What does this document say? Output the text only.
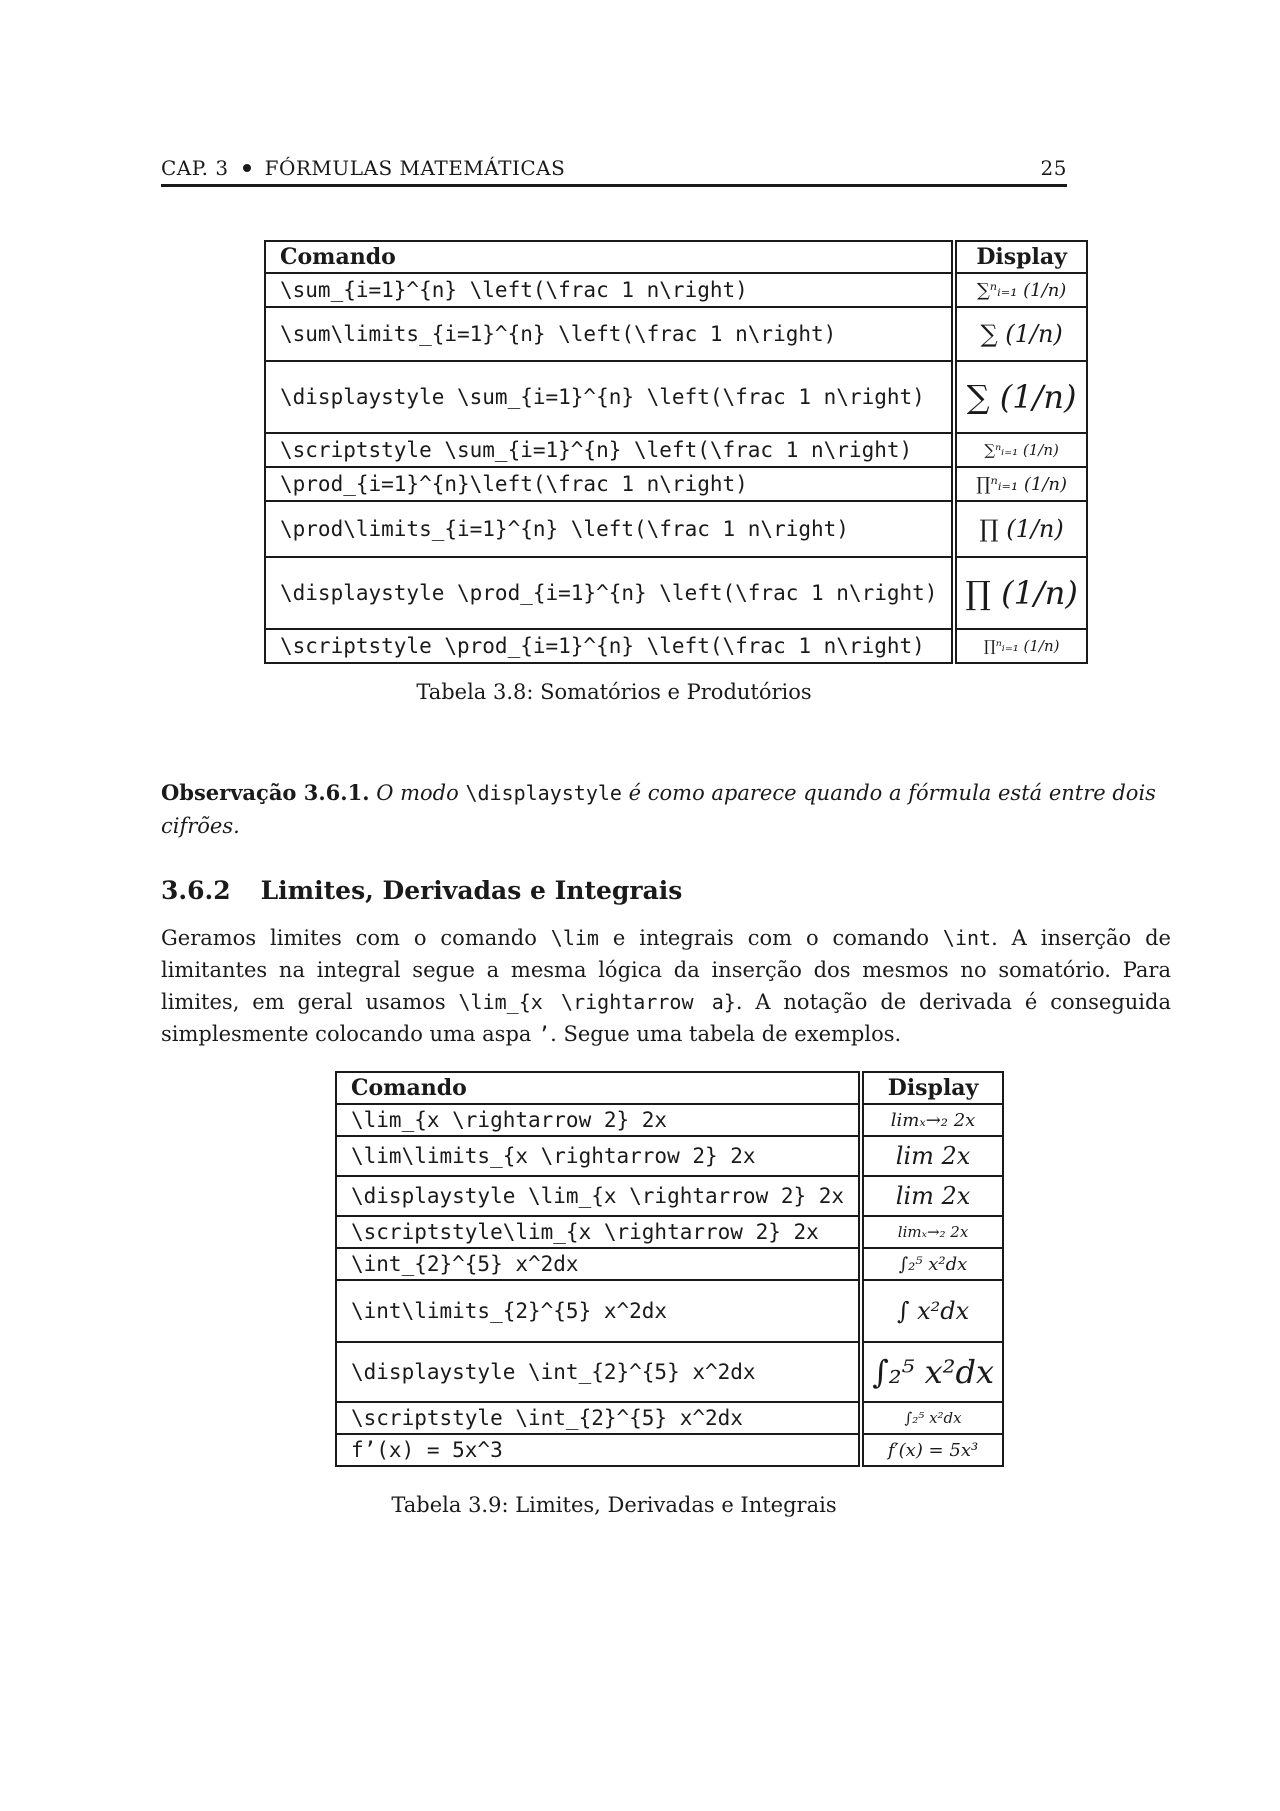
CAP. 3 FÓRMULAS MATEMÁTICAS	25
Comando	Display
\sum_{i=1}^{n} \left(\frac 1 n\right)	∑ⁿᵢ₌₁ (1/n)
\sum\limits_{i=1}^{n} \left(\frac 1 n\right)	∑ (1/n)
\displaystyle \sum_{i=1}^{n} \left(\frac 1 n\right)	∑ (1/n)
\scriptstyle \sum_{i=1}^{n} \left(\frac 1 n\right)	∑ⁿᵢ₌₁ (1/n)
\prod_{i=1}^{n}\left(\frac 1 n\right)	∏ⁿᵢ₌₁ (1/n)
\prod\limits_{i=1}^{n} \left(\frac 1 n\right)	∏ (1/n)
\displaystyle \prod_{i=1}^{n} \left(\frac 1 n\right)	∏ (1/n)
\scriptstyle \prod_{i=1}^{n} \left(\frac 1 n\right)	∏ⁿᵢ₌₁ (1/n)
Tabela 3.8: Somatórios e Produtórios
Observação 3.6.1. O modo \displaystyle é como aparece quando a fórmula está entre dois cifrões.
3.6.2 Limites, Derivadas e Integrais
Geramos limites com o comando \lim e integrais com o comando \int. A inserção de limitantes na integral segue a mesma lógica da inserção dos mesmos no somatório. Para limites, em geral usamos \lim_{x \rightarrow a}. A notação de derivada é conseguida simplesmente colocando uma aspa ’. Segue uma tabela de exemplos.
Comando	Display
\lim_{x \rightarrow 2} 2x	limₓ→₂ 2x
\lim\limits_{x \rightarrow 2} 2x	lim 2x
\displaystyle \lim_{x \rightarrow 2} 2x	lim 2x
\scriptstyle\lim_{x \rightarrow 2} 2x	limₓ→₂ 2x
\int_{2}^{5} x^2dx	∫₂⁵ x²dx
\int\limits_{2}^{5} x^2dx	∫ x²dx
\displaystyle \int_{2}^{5} x^2dx	∫₂⁵ x²dx
\scriptstyle \int_{2}^{5} x^2dx	∫₂⁵ x²dx
f’(x) = 5x^3	f′(x) = 5x³
Tabela 3.9: Limites, Derivadas e Integrais
